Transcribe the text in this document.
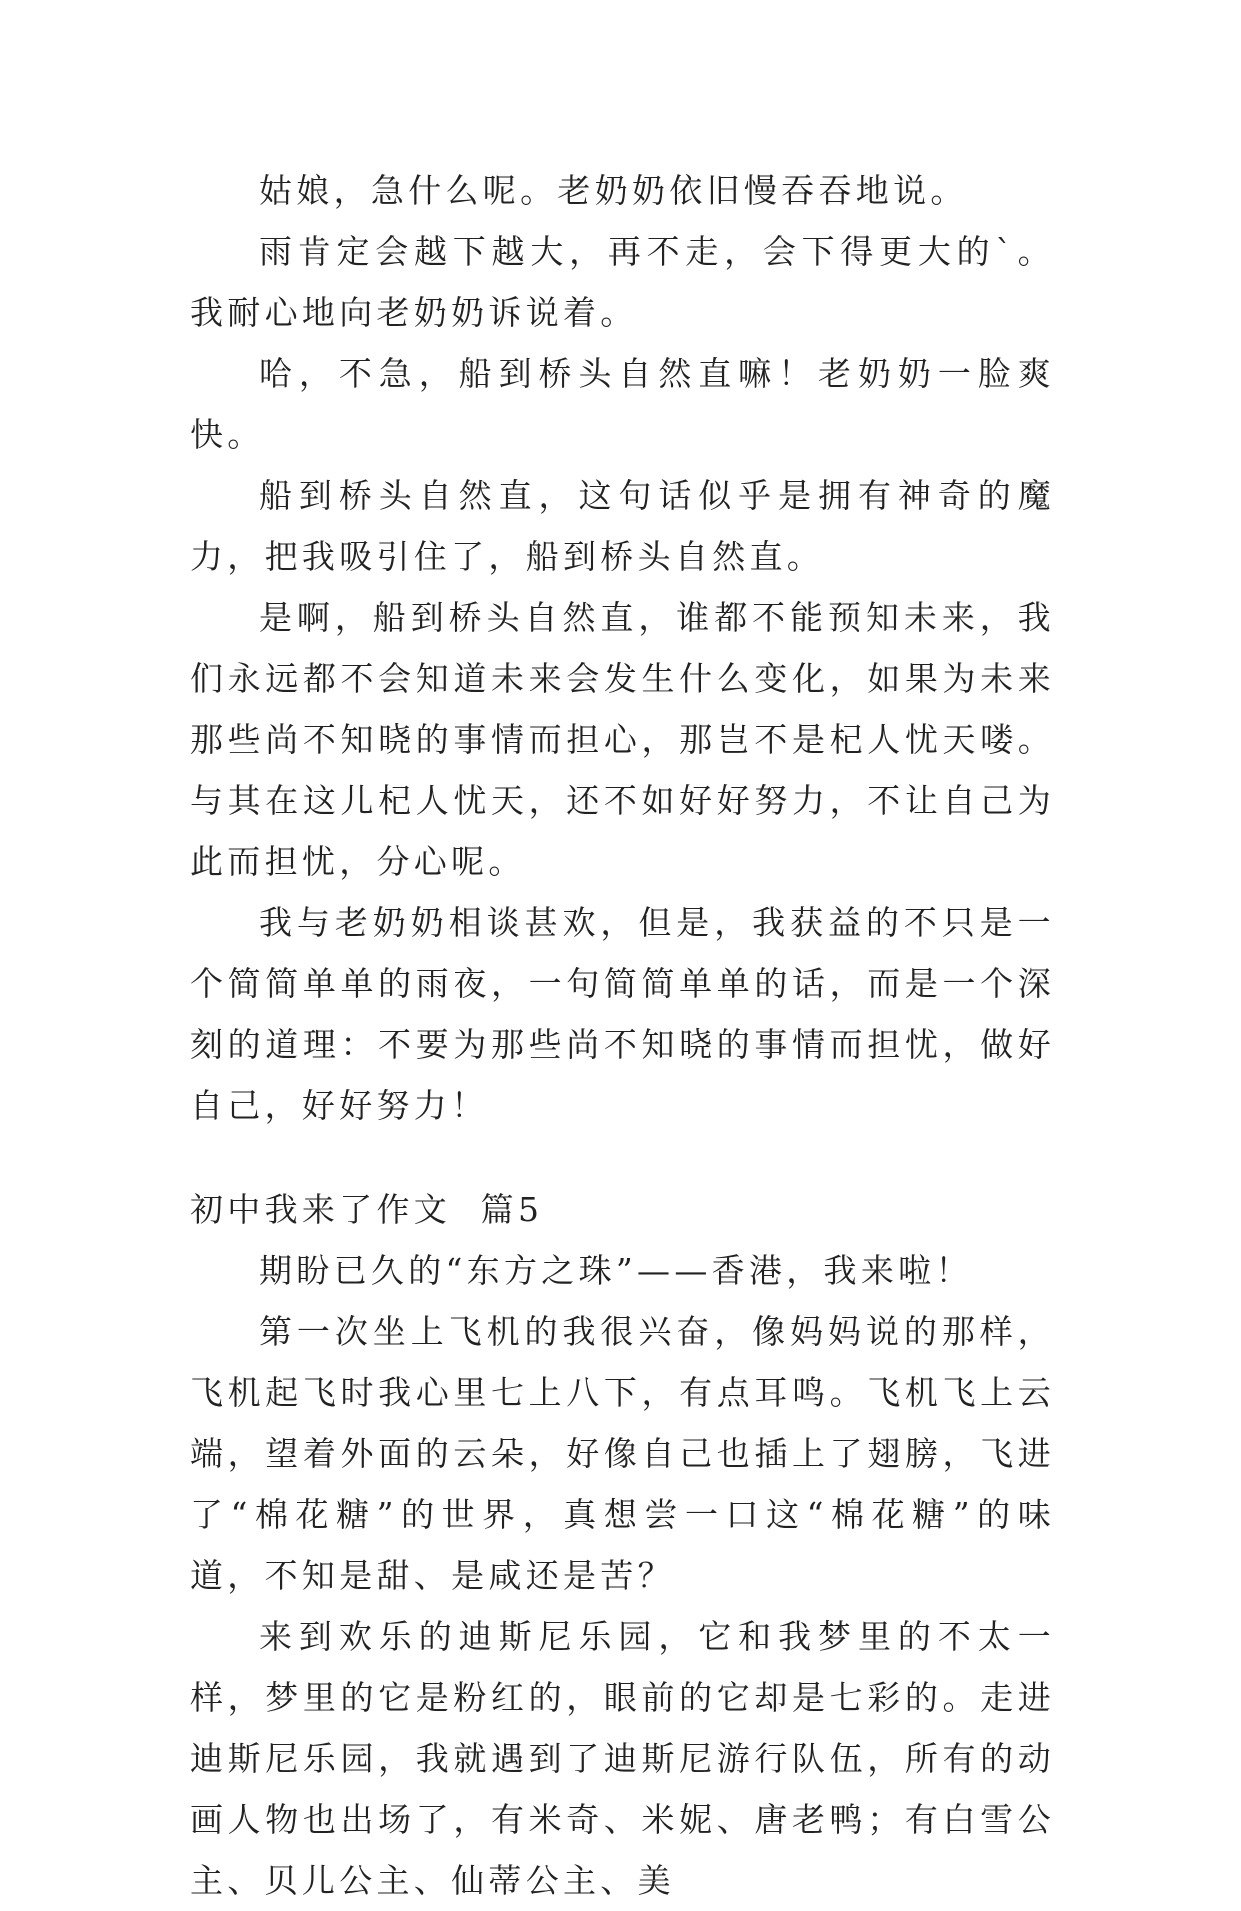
姑娘，急什么呢。老奶奶依旧慢吞吞地说。

雨肯定会越下越大，再不走，会下得更大的`。我耐心地向老奶奶诉说着。

哈，不急，船到桥头自然直嘛！老奶奶一脸爽快。

船到桥头自然直，这句话似乎是拥有神奇的魔力，把我吸引住了，船到桥头自然直。

是啊，船到桥头自然直，谁都不能预知未来，我们永远都不会知道未来会发生什么变化，如果为未来那些尚不知晓的事情而担心，那岂不是杞人忧天喽。与其在这儿杞人忧天，还不如好好努力，不让自己为此而担忧，分心呢。

我与老奶奶相谈甚欢，但是，我获益的不只是一个简简单单的雨夜，一句简简单单的话，而是一个深刻的道理：不要为那些尚不知晓的事情而担忧，做好自己，好好努力！

初中我来了作文  篇5

期盼已久的“东方之珠”——香港，我来啦！

第一次坐上飞机的我很兴奋，像妈妈说的那样，飞机起飞时我心里七上八下，有点耳鸣。飞机飞上云端，望着外面的云朵，好像自己也插上了翅膀，飞进了“棉花糖”的世界，真想尝一口这“棉花糖”的味道，不知是甜、是咸还是苦？

来到欢乐的迪斯尼乐园，它和我梦里的不太一样，梦里的它是粉红的，眼前的它却是七彩的。走进迪斯尼乐园，我就遇到了迪斯尼游行队伍，所有的动画人物也出场了，有米奇、米妮、唐老鸭；有白雪公主、贝儿公主、仙蒂公主、美
